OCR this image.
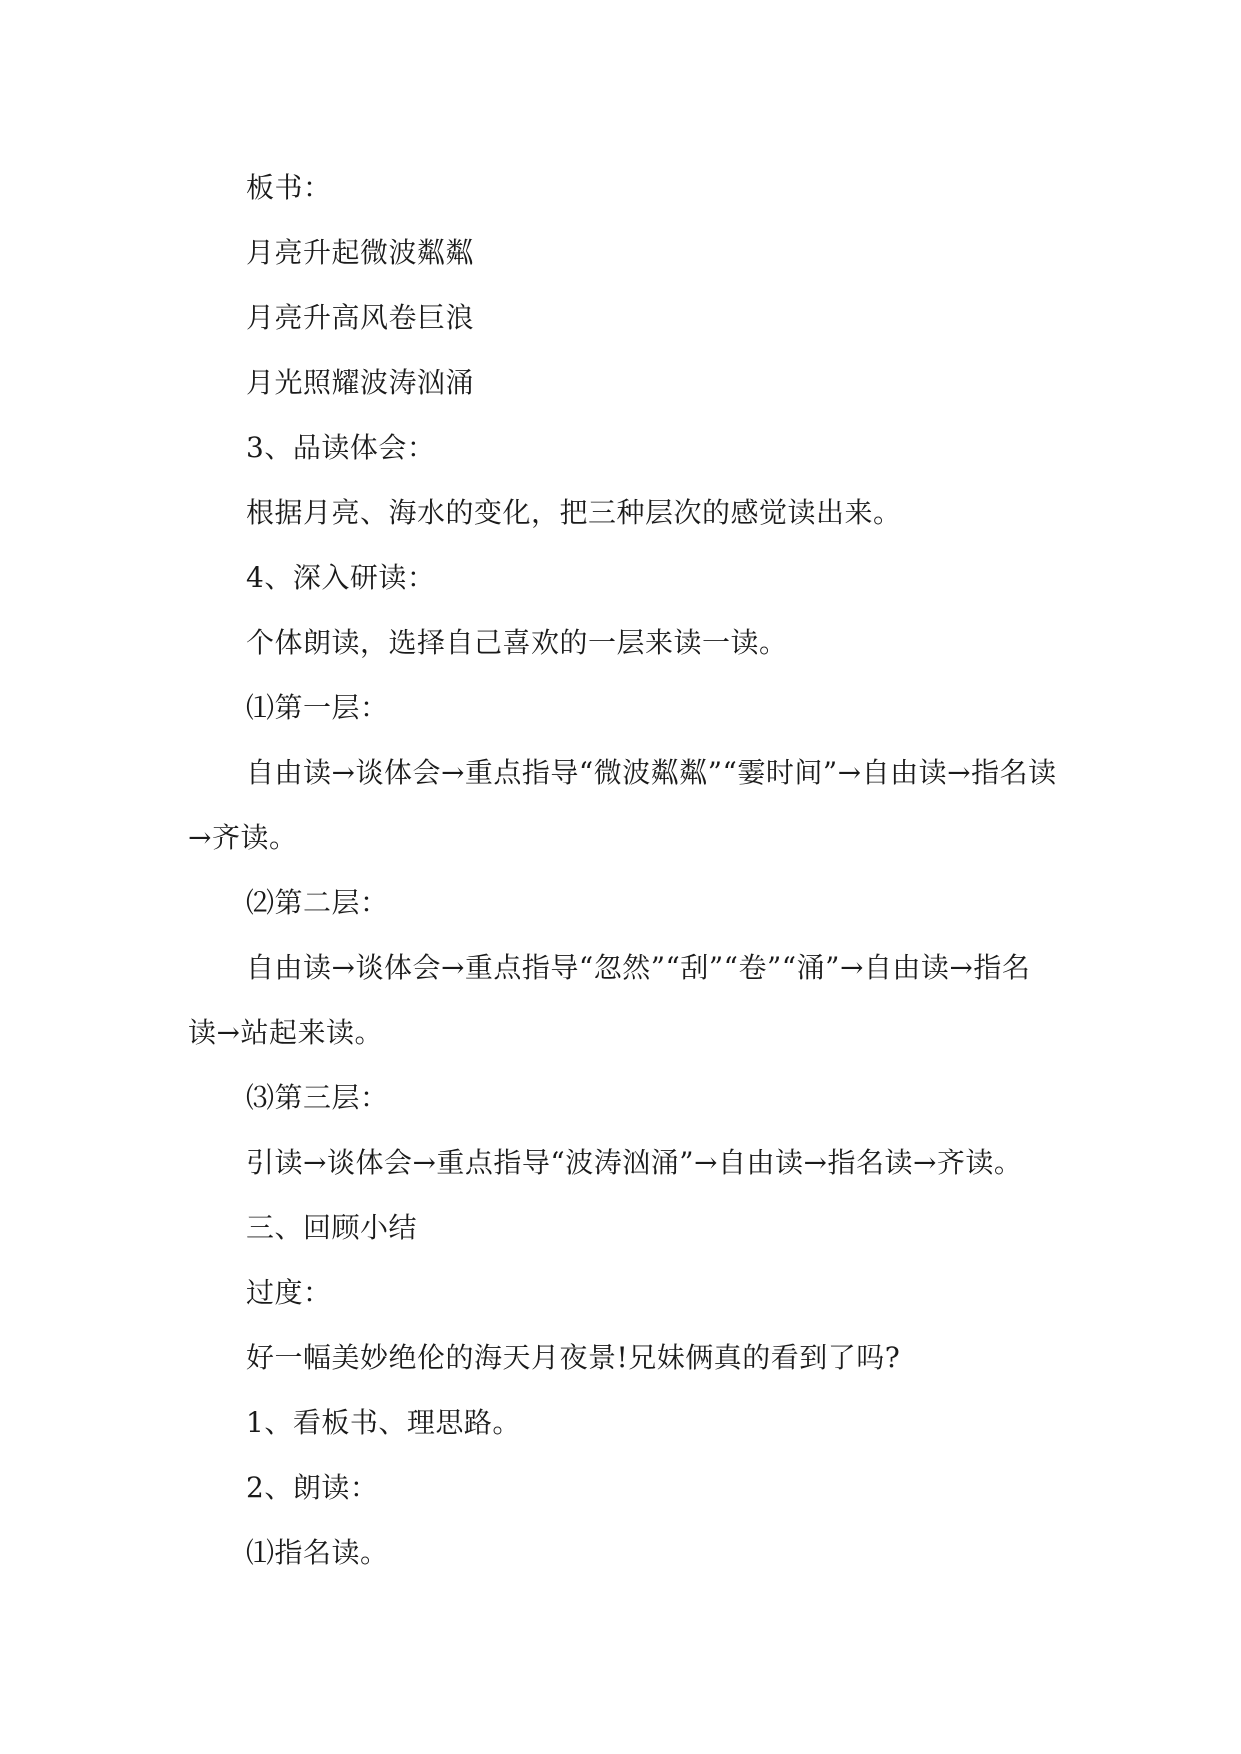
板书：

月亮升起微波粼粼

月亮升高风卷巨浪

月光照耀波涛汹涌

3、品读体会：

根据月亮、海水的变化，把三种层次的感觉读出来。

4、深入研读：

个体朗读，选择自己喜欢的一层来读一读。

⑴第一层：

自由读→谈体会→重点指导“微波粼粼”“霎时间”→自由读→指名读→齐读。

⑵第二层：

自由读→谈体会→重点指导“忽然”“刮”“卷”“涌”→自由读→指名读→站起来读。

⑶第三层：

引读→谈体会→重点指导“波涛汹涌”→自由读→指名读→齐读。

三、回顾小结

过度：

好一幅美妙绝伦的海天月夜景!兄妹俩真的看到了吗?

1、看板书、理思路。

2、朗读：

⑴指名读。
